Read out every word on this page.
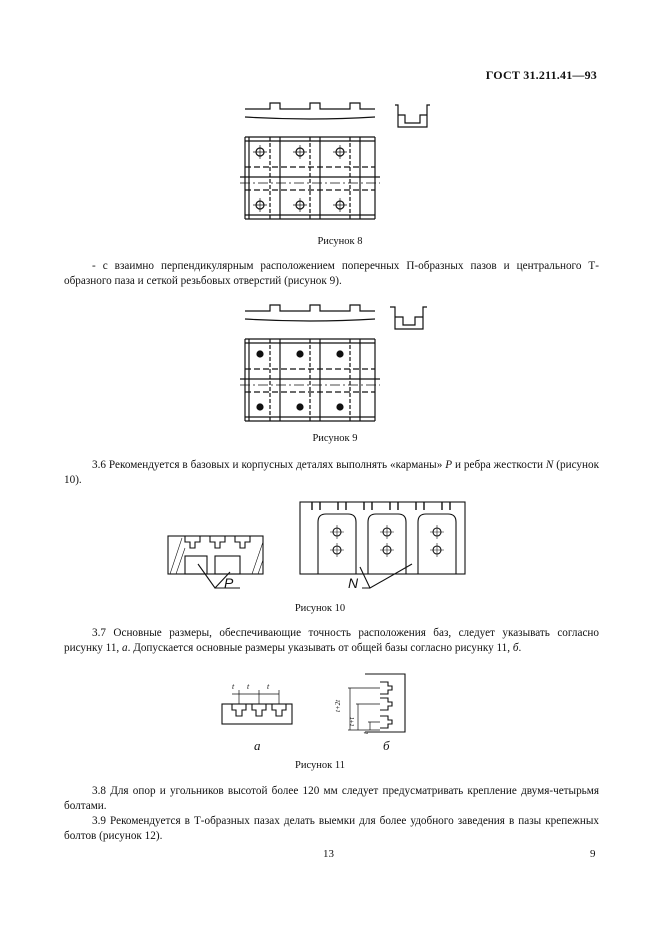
ГОСТ 31.211.41—93
Рисунок 8
- с взаимно перпендикулярным расположением поперечных П-образных пазов и центрального Т-образного паза и сеткой резьбовых отверстий (рисунок 9).
Рисунок 9
3.6 Рекомендуется в базовых и корпусных деталях выполнять «карманы» P и ребра жесткости N (рисунок 10).
P	N
Рисунок 10
3.7 Основные размеры, обеспечивающие точность расположения баз, следует указывать согласно рисунку 11, а. Допускается основные размеры указывать от общей базы согласно рисунку 11, б.
t t t
t+2t
t+t
t
а	б
Рисунок 11
3.8 Для опор и угольников высотой более 120 мм следует предусматривать крепление двумя-четырьмя болтами.
3.9 Рекомендуется в Т-образных пазах делать выемки для более удобного заведения в пазы крепежных болтов (рисунок 12).
13	9
